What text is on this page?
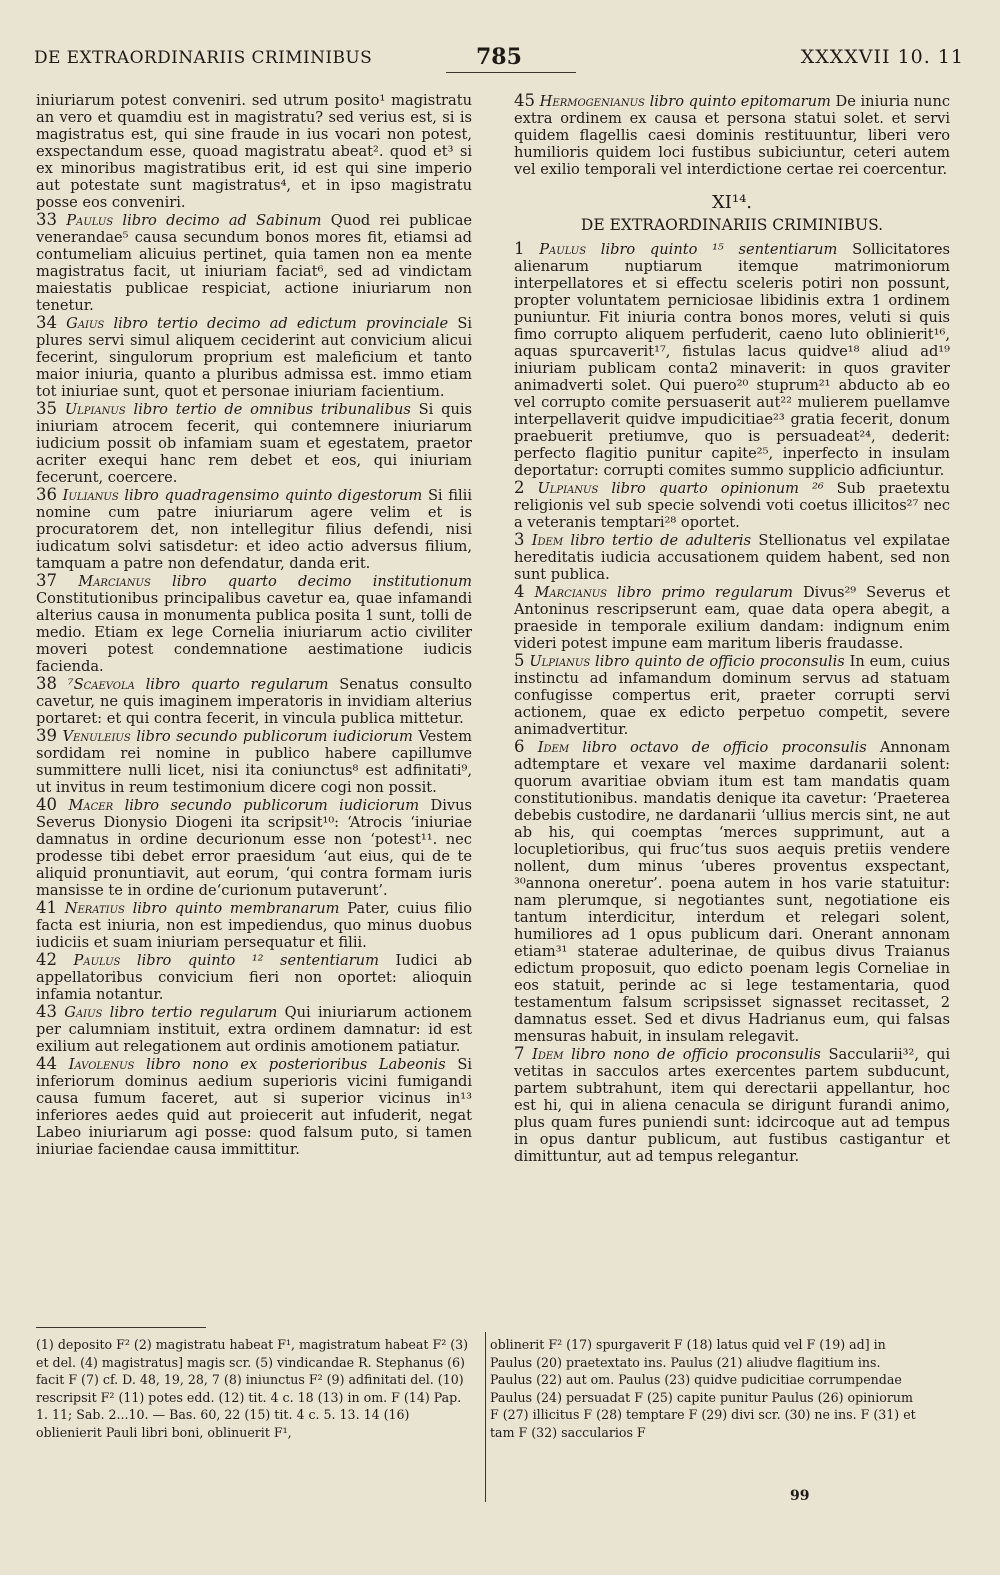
DE EXTRAORDINARIIS CRIMINIBUS	785	XXXXVII 10. 11

iniuriarum potest conveniri. sed utrum posito¹ magistratu an vero et quamdiu est in magistratu? sed verius est, si is magistratus est, qui sine fraude in ius vocari non potest, exspectandum esse, quoad magistratu abeat². quod et³ si ex minoribus magistratibus erit, id est qui sine imperio aut potestate sunt magistratus⁴, et in ipso magistratu posse eos conveniri.

33 Paulus libro decimo ad Sabinum Quod rei publicae venerandae⁵ causa secundum bonos mores fit, etiamsi ad contumeliam alicuius pertinet, quia tamen non ea mente magistratus facit, ut iniuriam faciat⁶, sed ad vindictam maiestatis publicae respiciat, actione iniuriarum non tenetur.

34 Gaius libro tertio decimo ad edictum provinciale Si plures servi simul aliquem ceciderint aut convicium alicui fecerint, singulorum proprium est maleficium et tanto maior iniuria, quanto a pluribus admissa est. immo etiam tot iniuriae sunt, quot et personae iniuriam facientium.

35 Ulpianus libro tertio de omnibus tribunalibus Si quis iniuriam atrocem fecerit, qui contemnere iniuriarum iudicium possit ob infamiam suam et egestatem, praetor acriter exequi hanc rem debet et eos, qui iniuriam fecerunt, coercere.

36 Iulianus libro quadragensimo quinto digestorum Si filii nomine cum patre iniuriarum agere velim et is procuratorem det, non intellegitur filius defendi, nisi iudicatum solvi satisdetur: et ideo actio adversus filium, tamquam a patre non defendatur, danda erit.

37 Marcianus libro quarto decimo institutionum Constitutionibus principalibus cavetur ea, quae infamandi alterius causa in monumenta publica posita 1 sunt, tolli de medio. Etiam ex lege Cornelia iniuriarum actio civiliter moveri potest condemnatione aestimatione iudicis facienda.

38 ⁷Scaevola libro quarto regularum Senatus consulto cavetur, ne quis imaginem imperatoris in invidiam alterius portaret: et qui contra fecerit, in vincula publica mittetur.

39 Venuleius libro secundo publicorum iudiciorum Vestem sordidam rei nomine in publico habere capillumve summittere nulli licet, nisi ita coniunctus⁸ est adfinitati⁹, ut invitus in reum testimonium dicere cogi non possit.

40 Macer libro secundo publicorum iudiciorum Divus Severus Dionysio Diogeni ita scripsit¹⁰: ‘Atrocis ‘iniuriae damnatus in ordine decurionum esse non ‘potest¹¹. nec prodesse tibi debet error praesidum ‘aut eius, qui de te aliquid pronuntiavit, aut eorum, ‘qui contra formam iuris mansisse te in ordine de‘curionum putaverunt’.

41 Neratius libro quinto membranarum Pater, cuius filio facta est iniuria, non est impediendus, quo minus duobus iudiciis et suam iniuriam persequatur et filii.

42 Paulus libro quinto ¹² sententiarum Iudici ab appellatoribus convicium fieri non oportet: alioquin infamia notantur.

43 Gaius libro tertio regularum Qui iniuriarum actionem per calumniam instituit, extra ordinem damnatur: id est exilium aut relegationem aut ordinis amotionem patiatur.

44 Iavolenus libro nono ex posterioribus Labeonis Si inferiorum dominus aedium superioris vicini fumigandi causa fumum faceret, aut si superior vicinus in¹³ inferiores aedes quid aut proiecerit aut infuderit, negat Labeo iniuriarum agi posse: quod falsum puto, si tamen iniuriae faciendae causa immittitur.

45 Hermogenianus libro quinto epitomarum De iniuria nunc extra ordinem ex causa et persona statui solet. et servi quidem flagellis caesi dominis restituuntur, liberi vero humilioris quidem loci fustibus subiciuntur, ceteri autem vel exilio temporali vel interdictione certae rei coercentur.

XI¹⁴.
DE EXTRAORDINARIIS CRIMINIBUS.

1 Paulus libro quinto ¹⁵ sententiarum Sollicitatores alienarum nuptiarum itemque matrimoniorum interpellatores et si effectu sceleris potiri non possunt, propter voluntatem perniciosae libidinis extra 1 ordinem puniuntur. Fit iniuria contra bonos mores, veluti si quis fimo corrupto aliquem perfuderit, caeno luto oblinierit¹⁶, aquas spurcaverit¹⁷, fistulas lacus quidve¹⁸ aliud ad¹⁹ iniuriam publicam conta2 minaverit: in quos graviter animadverti solet. Qui puero²⁰ stuprum²¹ abducto ab eo vel corrupto comite persuaserit aut²² mulierem puellamve interpellaverit quidve impudicitiae²³ gratia fecerit, donum praebuerit pretiumve, quo is persuadeat²⁴, dederit: perfecto flagitio punitur capite²⁵, inperfecto in insulam deportatur: corrupti comites summo supplicio adficiuntur.

2 Ulpianus libro quarto opinionum ²⁶ Sub praetextu religionis vel sub specie solvendi voti coetus illicitos²⁷ nec a veteranis temptari²⁸ oportet.

3 Idem libro tertio de adulteris Stellionatus vel expilatae hereditatis iudicia accusationem quidem habent, sed non sunt publica.

4 Marcianus libro primo regularum Divus²⁹ Severus et Antoninus rescripserunt eam, quae data opera abegit, a praeside in temporale exilium dandam: indignum enim videri potest impune eam maritum liberis fraudasse.

5 Ulpianus libro quinto de officio proconsulis In eum, cuius instinctu ad infamandum dominum servus ad statuam confugisse compertus erit, praeter corrupti servi actionem, quae ex edicto perpetuo competit, severe animadvertitur.

6 Idem libro octavo de officio proconsulis Annonam adtemptare et vexare vel maxime dardanarii solent: quorum avaritiae obviam itum est tam mandatis quam constitutionibus. mandatis denique ita cavetur: ‘Praeterea debebis custodire, ne dardanarii ‘ullius mercis sint, ne aut ab his, qui coemptas ‘merces supprimunt, aut a locupletioribus, qui fruc‘tus suos aequis pretiis vendere nollent, dum minus ‘uberes proventus exspectant, ³⁰annona oneretur’. poena autem in hos varie statuitur: nam plerumque, si negotiantes sunt, negotiatione eis tantum interdicitur, interdum et relegari solent, humiliores ad 1 opus publicum dari. Onerant annonam etiam³¹ staterae adulterinae, de quibus divus Traianus edictum proposuit, quo edicto poenam legis Corneliae in eos statuit, perinde ac si lege testamentaria, quod testamentum falsum scripsisset signasset recitasset, 2 damnatus esset. Sed et divus Hadrianus eum, qui falsas mensuras habuit, in insulam relegavit.

7 Idem libro nono de officio proconsulis Saccularii³², qui vetitas in sacculos artes exercentes partem subducunt, partem subtrahunt, item qui derectarii appellantur, hoc est hi, qui in aliena cenacula se dirigunt furandi animo, plus quam fures puniendi sunt: idcircoque aut ad tempus in opus dantur publicum, aut fustibus castigantur et dimittuntur, aut ad tempus relegantur.

(1) deposito F² (2) magistratu habeat F¹, magistratum habeat F² (3) et del. (4) magistratus] magis scr. (5) vindicandae R. Stephanus (6) facit F (7) cf. D. 48, 19, 28, 7 (8) iniunctus F² (9) adfinitati del. (10) rescripsit F² (11) potes edd. (12) tit. 4 c. 18 (13) in om. F (14) Pap. 1. 11; Sab. 2...10. — Bas. 60, 22 (15) tit. 4 c. 5. 13. 14 (16) oblienierit Pauli libri boni, oblinuerit F¹,
oblinerit F² (17) spurgaverit F (18) latus quid vel F (19) ad] in Paulus (20) praetextato ins. Paulus (21) aliudve flagitium ins. Paulus (22) aut om. Paulus (23) quidve pudicitiae corrumpendae Paulus (24) persuadat F (25) capite punitur Paulus (26) opiniorum F (27) illicitus F (28) temptare F (29) divi scr. (30) ne ins. F (31) et tam F (32) saccularios F
99
